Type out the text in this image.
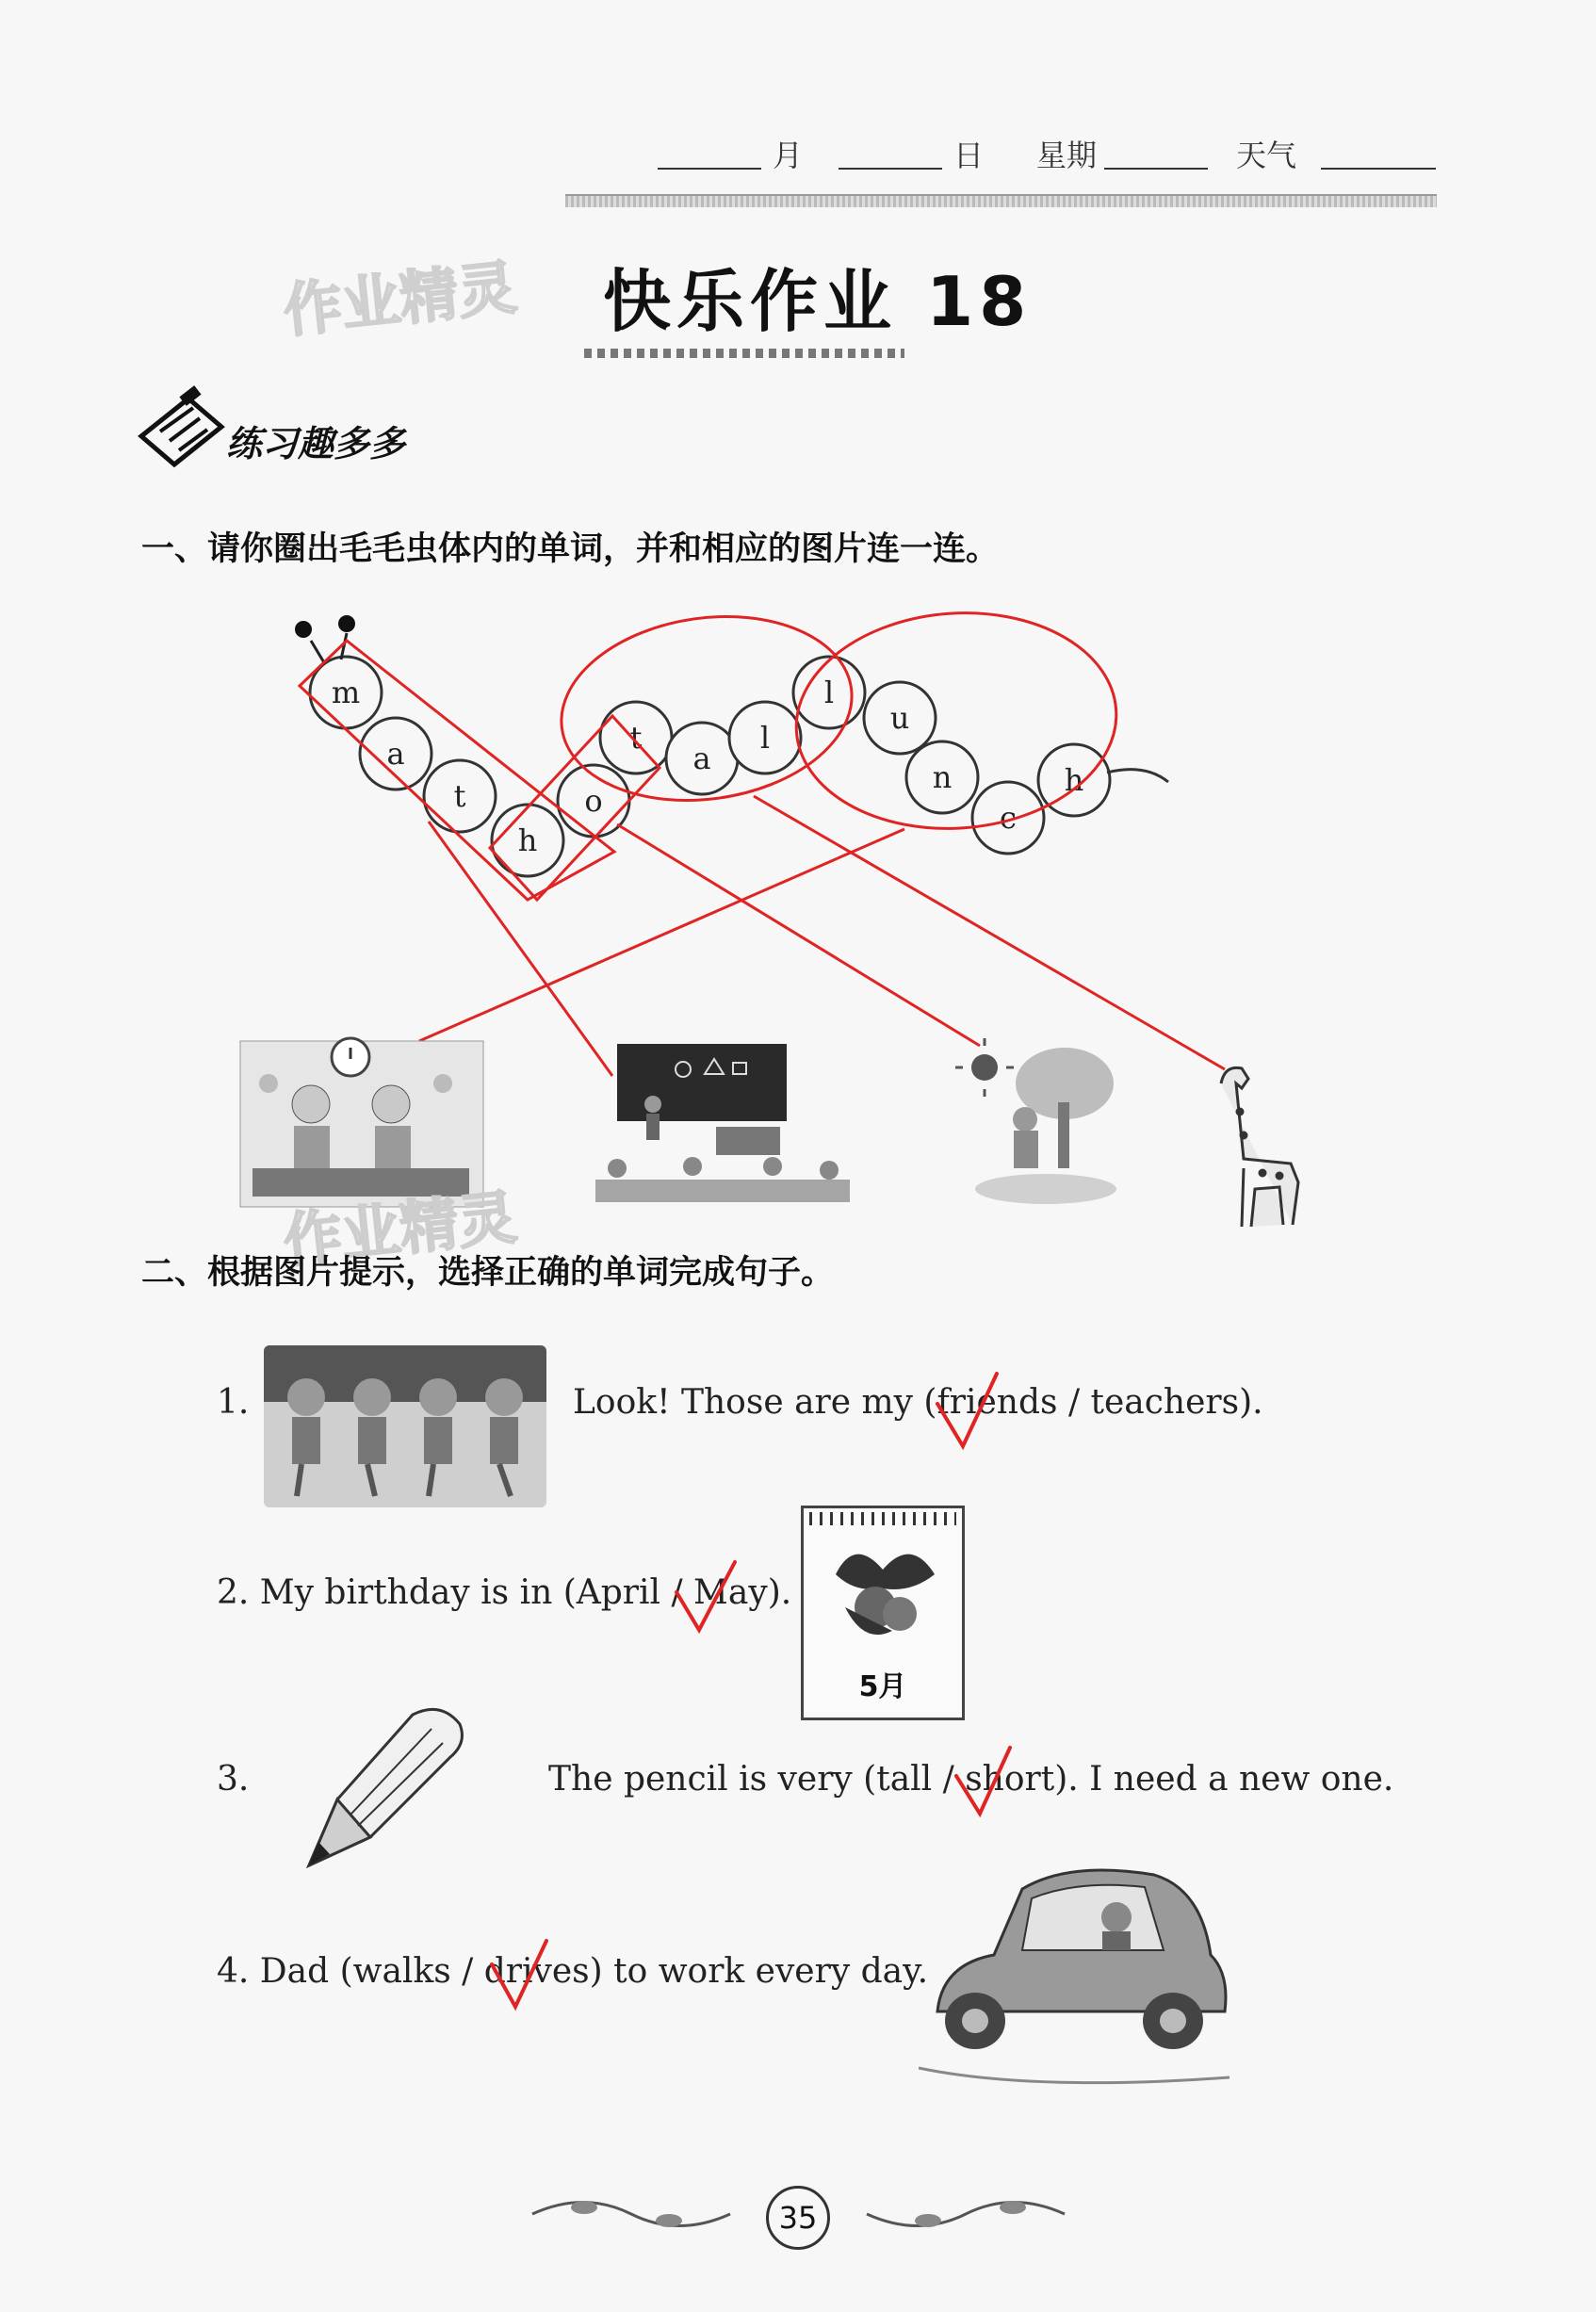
月	日 星期	天气
作业精灵 快乐作业 18
练习趣多多
一、请你圈出毛毛虫体内的单词，并和相应的图片连一连。
m
a
t
h
o
t
a
l
l
u
n
c
h
作业精灵
二、根据图片提示，选择正确的单词完成句子。
1.	Look! Those are my (friends / teachers).
2. My birthday is in (April / May).
5月
3.	The pencil is very (tall / short). I need a new one.
4. Dad (walks / drives) to work every day.
35
